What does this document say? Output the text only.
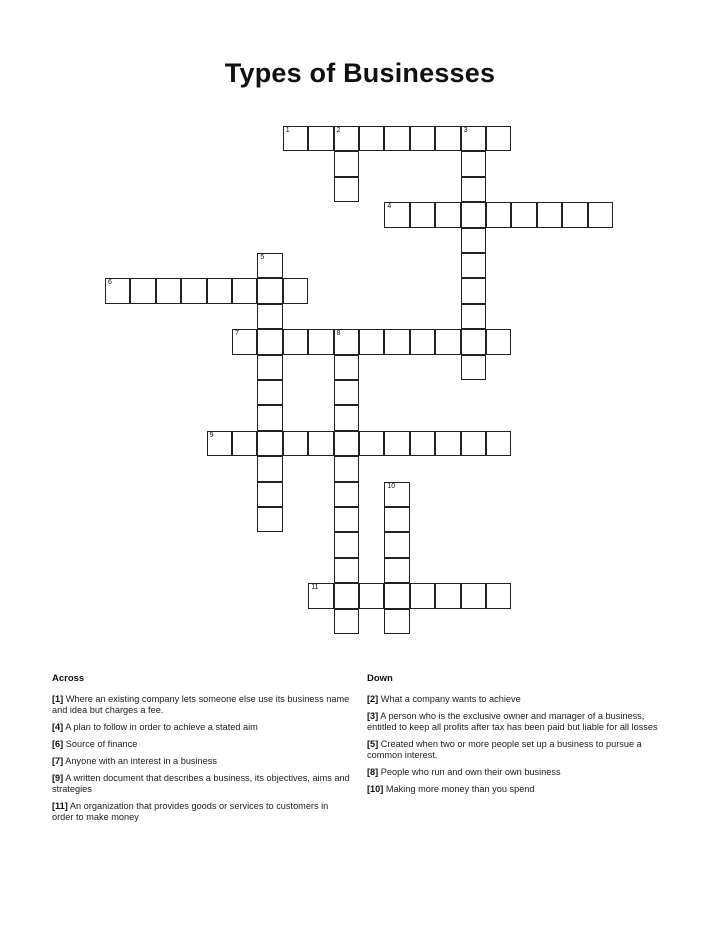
Types of Businesses
1	2	3
4
5
6
7	8
9
10
11
Across
[1] Where an existing company lets someone else use its business name and idea but charges a fee.
[4] A plan to follow in order to achieve a stated aim
[6] Source of finance
[7] Anyone with an interest in a business
[9] A written document that describes a business, its objectives, aims and strategies
[11] An organization that provides goods or services to customers in order to make money
Down
[2] What a company wants to achieve
[3] A person who is the exclusive owner and manager of a business, entitled to keep all profits after tax has been paid but liable for all losses
[5] Created when two or more people set up a business to pursue a common interest.
[8] People who run and own their own business
[10] Making more money than you spend
